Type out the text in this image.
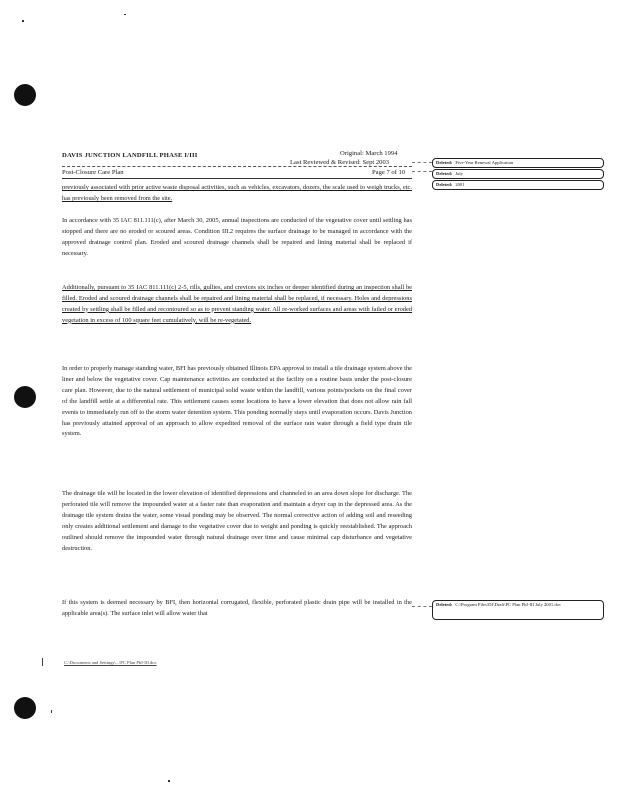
DAVIS JUNCTION LANDFILL PHASE I/III	Original: March 1994
Last Reviewed & Revised: Sept 2003
Post-Closure Care Plan	Page 7 of 10
Deleted: Five-Year Renewal Application
Deleted: July
Deleted: 2001
Deleted: C:\Program Files\DJ\Draft\PC Plan PhI-III July 2001.doc

previously associated with prior active waste disposal activities, such as vehicles, excavators, dozers, the scale used to weigh trucks, etc. has previously been removed from the site.

In accordance with 35 IAC 811.111(c), after March 30, 2005, annual inspections are conducted of the vegetative cover until settling has stopped and there are no eroded or scoured areas. Condition III.2 requires the surface drainage to be managed in accordance with the approved drainage control plan. Eroded and scoured drainage channels shall be repaired and lining material shall be replaced if necessary.

Additionally, pursuant to 35 IAC 811.111(c) 2-5, rills, gullies, and crevices six inches or deeper identified during an inspection shall be filled. Eroded and scoured drainage channels shall be repaired and lining material shall be replaced, if necessary. Holes and depressions created by settling shall be filled and recontoured so as to prevent standing water. All re-worked surfaces and areas with failed or eroded vegetation in excess of 100 square feet cumulatively, will be re-vegetated.

In order to properly manage standing water, BFI has previously obtained Illinois EPA approval to install a tile drainage system above the liner and below the vegetative cover. Cap maintenance activities are conducted at the facility on a routine basis under the post-closure care plan. However, due to the natural settlement of municipal solid waste within the landfill, various points/pockets on the final cover of the landfill settle at a differential rate. This settlement causes some locations to have a lower elevation that does not allow rain fall events to immediately run off to the storm water detention system. This ponding normally stays until evaporation occurs. Davis Junction has previously attained approval of an approach to allow expedited removal of the surface rain water through a field type drain tile system.

The drainage tile will be located in the lower elevation of identified depressions and channeled to an area down slope for discharge. The perforated tile will remove the impounded water at a faster rate than evaporation and maintain a dryer cap in the depressed area. As the drainage tile system drains the water, some visual ponding may be observed. The normal corrective action of adding soil and reseeding only creates additional settlement and damage to the vegetative cover due to weight and ponding is quickly reestablished. The approach outlined should remove the impounded water through natural drainage over time and cause minimal cap disturbance and vegetative destruction.

If this system is deemed necessary by BFI, then horizontal corrugated, flexible, perforated plastic drain pipe will be installed in the applicable area(s). The surface inlet will allow water that

C:\Documents and Settings\...\PC Plan PhI-III.doc
